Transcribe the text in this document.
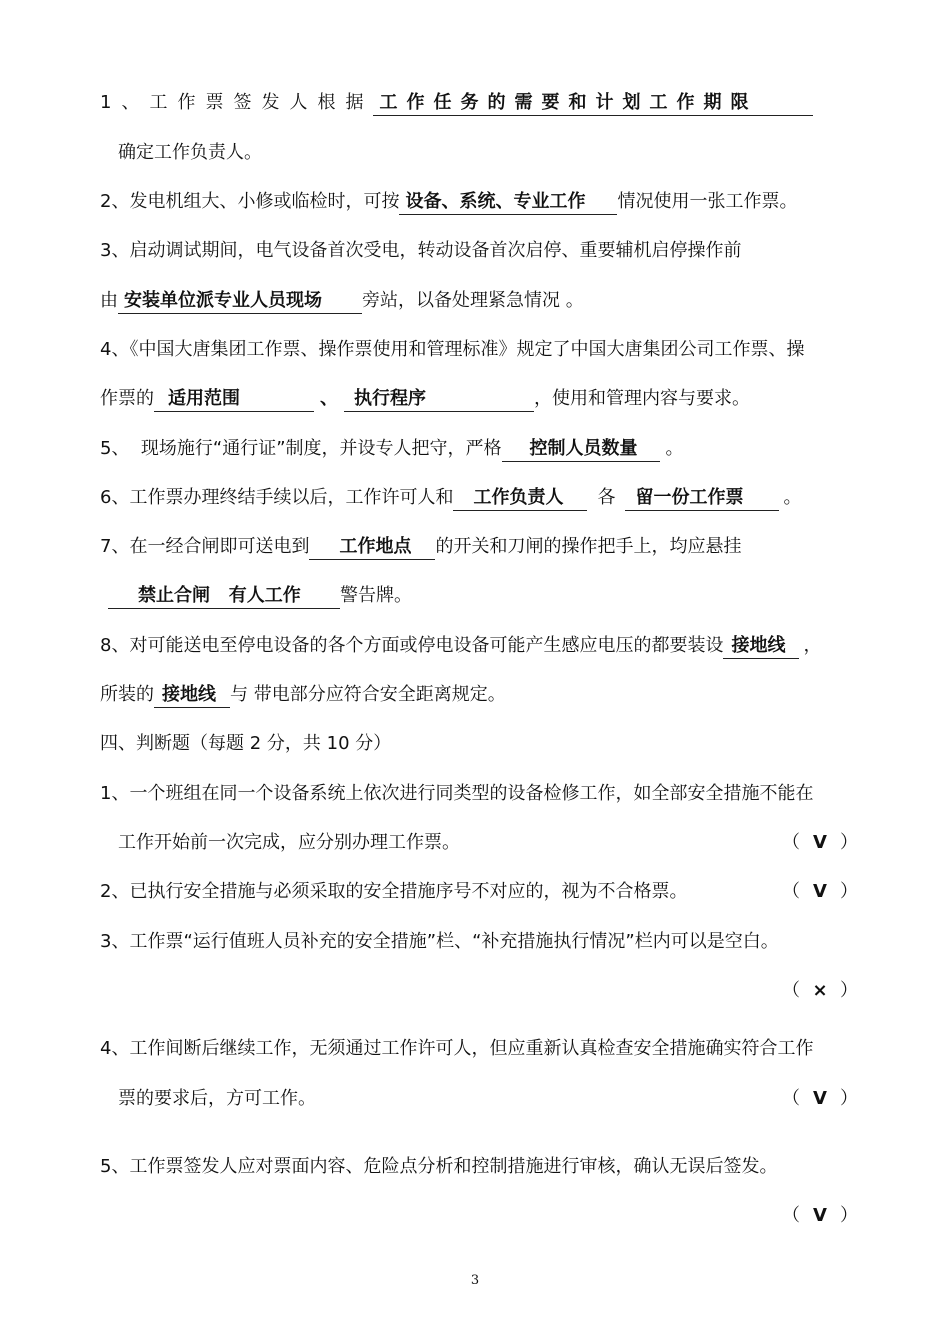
1、工作票签发人根据 工作任务的需要和计划工作期限
确定工作负责人。
2、发电机组大、小修或临检时，可按 设备、系统、专业工作 情况使用一张工作票。
3、启动调试期间，电气设备首次受电，转动设备首次启停、重要辅机启停操作前
由 安装单位派专业人员现场 旁站，以备处理紧急情况 。
4、《中国大唐集团工作票、操作票使用和管理标准》规定了中国大唐集团公司工作票、操
作票的 适用范围	、 执行程序	，使用和管理内容与要求。
5、  现场施行“通行证”制度，并设专人把守，严格 控制人员数量 。
6、工作票办理终结手续以后，工作许可人和 工作负责人 各 留一份工作票 。
7、在一经合闸即可送电到 工作地点 的开关和刀闸的操作把手上，均应悬挂
禁止合闸   有人工作 警告牌。
8、对可能送电至停电设备的各个方面或停电设备可能产生感应电压的都要装设 接地线 ，
所装的 接地线 与 带电部分应符合安全距离规定。
四、判断题（每题 2 分，共 10 分）
1、一个班组在同一个设备系统上依次进行同类型的设备检修工作，如全部安全措施不能在
工作开始前一次完成，应分别办理工作票。	（ V ）
2、已执行安全措施与必须采取的安全措施序号不对应的，视为不合格票。	（ V ）
3、工作票“运行值班人员补充的安全措施”栏、“补充措施执行情况”栏内可以是空白。
（ × ）
4、工作间断后继续工作，无须通过工作许可人，但应重新认真检查安全措施确实符合工作
票的要求后，方可工作。	（ V ）
5、工作票签发人应对票面内容、危险点分析和控制措施进行审核，确认无误后签发。
（ V ）
3
